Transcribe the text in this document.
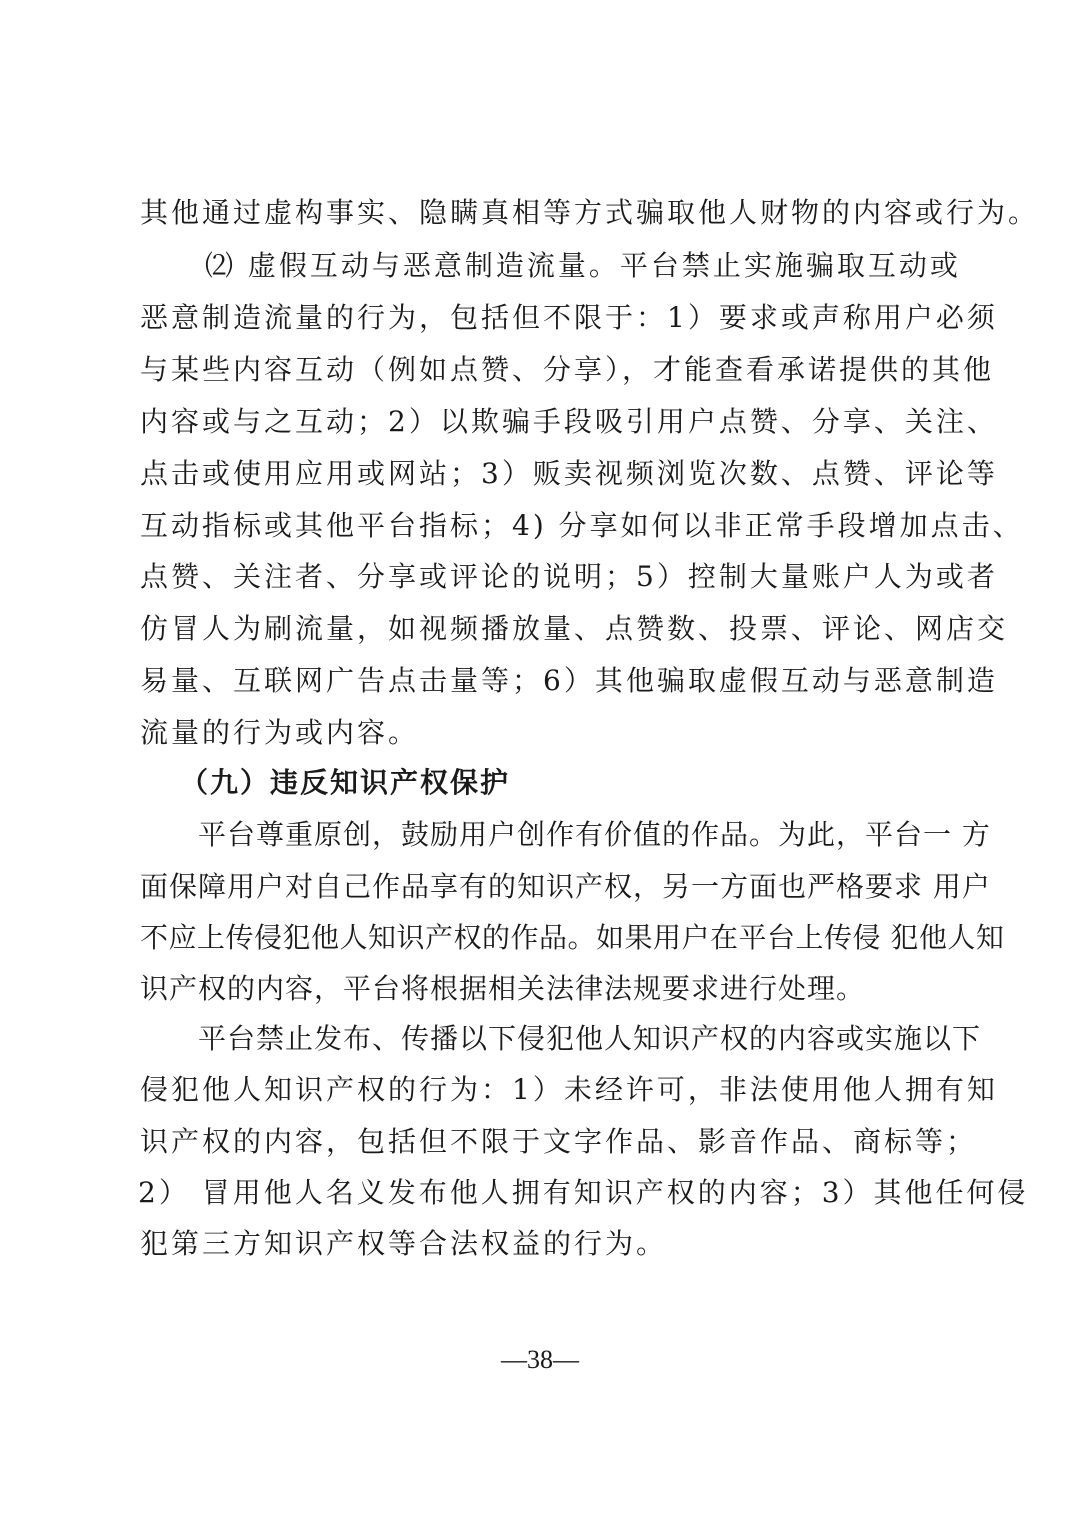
其他通过虚构事实、隐瞒真相等方式骗取他人财物的内容或行为。
⑵ 虚假互动与恶意制造流量。平台禁止实施骗取互动或
恶意制造流量的行为，包括但不限于：1）要求或声称用户必须
与某些内容互动（例如点赞、分享），才能查看承诺提供的其他
内容或与之互动；2）以欺骗手段吸引用户点赞、分享、关注、
点击或使用应用或网站；3）贩卖视频浏览次数、点赞、评论等
互动指标或其他平台指标；4) 分享如何以非正常手段增加点击、
点赞、关注者、分享或评论的说明；5）控制大量账户人为或者
仿冒人为刷流量，如视频播放量、点赞数、投票、评论、网店交
易量、互联网广告点击量等；6）其他骗取虚假互动与恶意制造
流量的行为或内容。
（九）违反知识产权保护
平台尊重原创，鼓励用户创作有价值的作品。为此，平台一 方
面保障用户对自己作品享有的知识产权，另一方面也严格要求 用户
不应上传侵犯他人知识产权的作品。如果用户在平台上传侵 犯他人知
识产权的内容，平台将根据相关法律法规要求进行处理。
平台禁止发布、传播以下侵犯他人知识产权的内容或实施以下
侵犯他人知识产权的行为：1）未经许可，非法使用他人拥有知
识产权的内容，包括但不限于文字作品、影音作品、商标等；
2） 冒用他人名义发布他人拥有知识产权的内容；3）其他任何侵
犯第三方知识产权等合法权益的行为。
—38—
